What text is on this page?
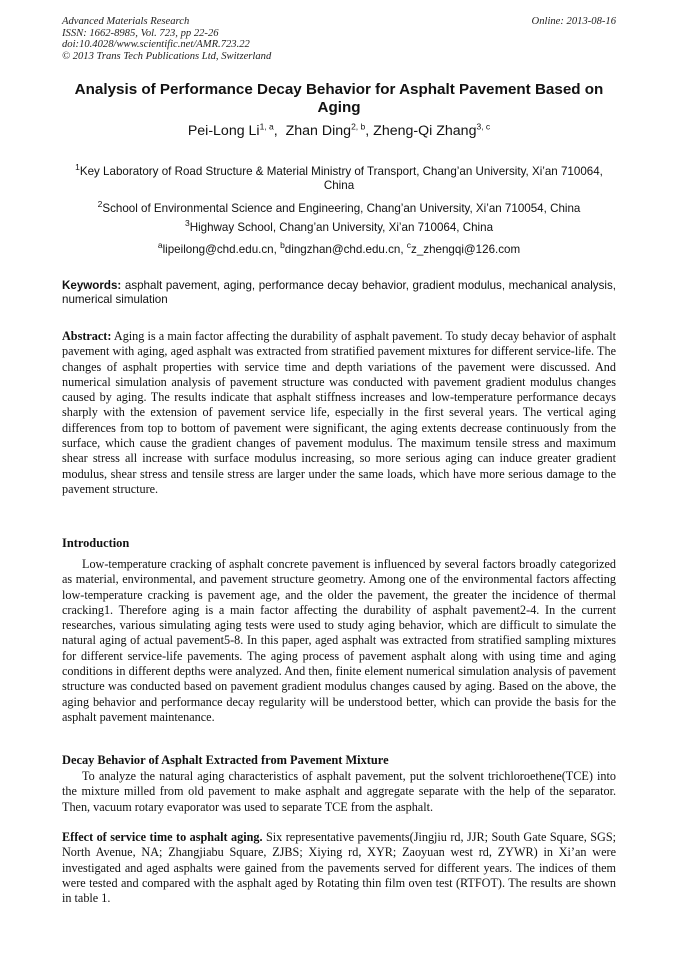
Advanced Materials Research
ISSN: 1662-8985, Vol. 723, pp 22-26
doi:10.4028/www.scientific.net/AMR.723.22
© 2013 Trans Tech Publications Ltd, Switzerland
Online: 2013-08-16
Analysis of Performance Decay Behavior for Asphalt Pavement Based on Aging
Pei-Long Li$^{1, a}$,  Zhan Ding$^{2, b}$, Zheng-Qi Zhang$^{3, c}$
$^1$Key Laboratory of Road Structure & Material Ministry of Transport, Chang’an University, Xi’an 710064, China
$^2$School of Environmental Science and Engineering, Chang’an University, Xi’an 710054, China
$^3$Highway School, Chang’an University, Xi’an 710064, China
$^a$lipeilong@chd.edu.cn, $^b$dingzhan@chd.edu.cn, $^c$z_zhengqi@126.com
Keywords: asphalt pavement, aging, performance decay behavior, gradient modulus, mechanical analysis, numerical simulation
Abstract: Aging is a main factor affecting the durability of asphalt pavement. To study decay behavior of asphalt pavement with aging, aged asphalt was extracted from stratified pavement mixtures for different service-life. The changes of asphalt properties with service time and depth variations of the pavement were discussed. And numerical simulation analysis of pavement structure was conducted with pavement gradient modulus changes caused by aging. The results indicate that asphalt stiffness increases and low-temperature performance decays sharply with the extension of pavement service life, especially in the first several years. The vertical aging differences from top to bottom of pavement were significant, the aging extents decrease continuously from the surface, which cause the gradient changes of pavement modulus. The maximum tensile stress and maximum shear stress all increase with surface modulus increasing, so more serious aging can induce greater gradient modulus, shear stress and tensile stress are larger under the same loads, which have more serious damage to the pavement structure.
Introduction
Low-temperature cracking of asphalt concrete pavement is influenced by several factors broadly categorized as material, environmental, and pavement structure geometry. Among one of the environmental factors affecting low-temperature cracking is pavement age, and the older the pavement, the greater the incidence of thermal cracking1. Therefore aging is a main factor affecting the durability of asphalt pavement2-4. In the current researches, various simulating aging tests were used to study aging behavior, which are difficult to simulate the natural aging of actual pavement5-8. In this paper, aged asphalt was extracted from stratified sampling mixtures for different service-life pavements. The aging process of pavement asphalt along with using time and aging conditions in different depths were analyzed. And then, finite element numerical simulation analysis of pavement structure was conducted based on pavement gradient modulus changes caused by aging. Based on the above, the aging behavior and performance decay regularity will be understood better, which can provide the basis for the asphalt pavement maintenance.
Decay Behavior of Asphalt Extracted from Pavement Mixture
To analyze the natural aging characteristics of asphalt pavement, put the solvent trichloroethene(TCE) into the mixture milled from old pavement to make asphalt and aggregate separate with the help of the separator. Then, vacuum rotary evaporator was used to separate TCE from the asphalt.
Effect of service time to asphalt aging. Six representative pavements(Jingjiu rd, JJR; South Gate Square, SGS; North Avenue, NA; Zhangjiabu Square, ZJBS; Xiying rd, XYR; Zaoyuan west rd, ZYWR) in Xi’an were investigated and aged asphalts were gained from the pavements served for different years. The indices of them were tested and compared with the asphalt aged by Rotating thin film oven test (RTFOT). The results are shown in table 1.
